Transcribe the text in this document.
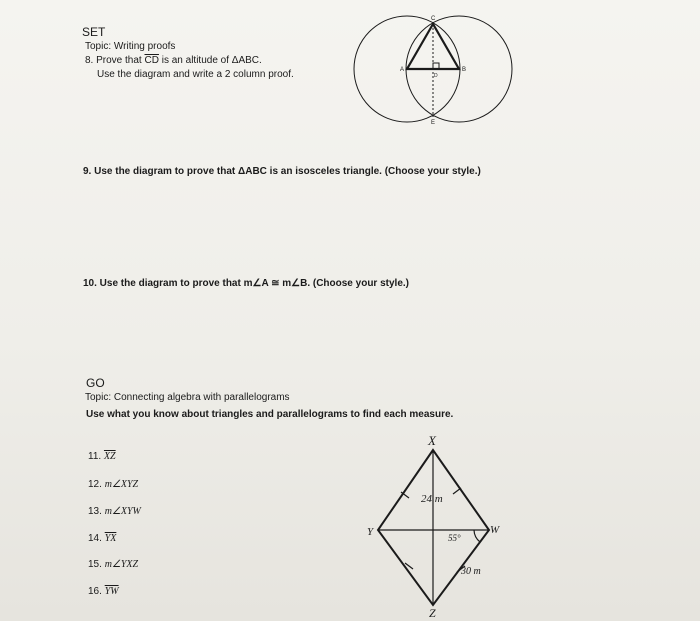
SET
Topic: Writing proofs
8. Prove that $\overline{CD}$ is an altitude of ΔABC.
Use the diagram and write a 2 column proof.
9. Use the diagram to prove that ΔABC is an isosceles triangle. (Choose your style.)
10. Use the diagram to prove that m∠A ≅ m∠B. (Choose your style.)
GO
Topic: Connecting algebra with parallelograms
Use what you know about triangles and parallelograms to find each measure.
11. $\overline{XZ}$
12. m∠XYZ
13. m∠XYW
14. $\overline{YX}$
15. m∠YXZ
16. $\overline{YW}$
C
A	B
D
E
X
Y
Z
W
24 m
55°
30 m
